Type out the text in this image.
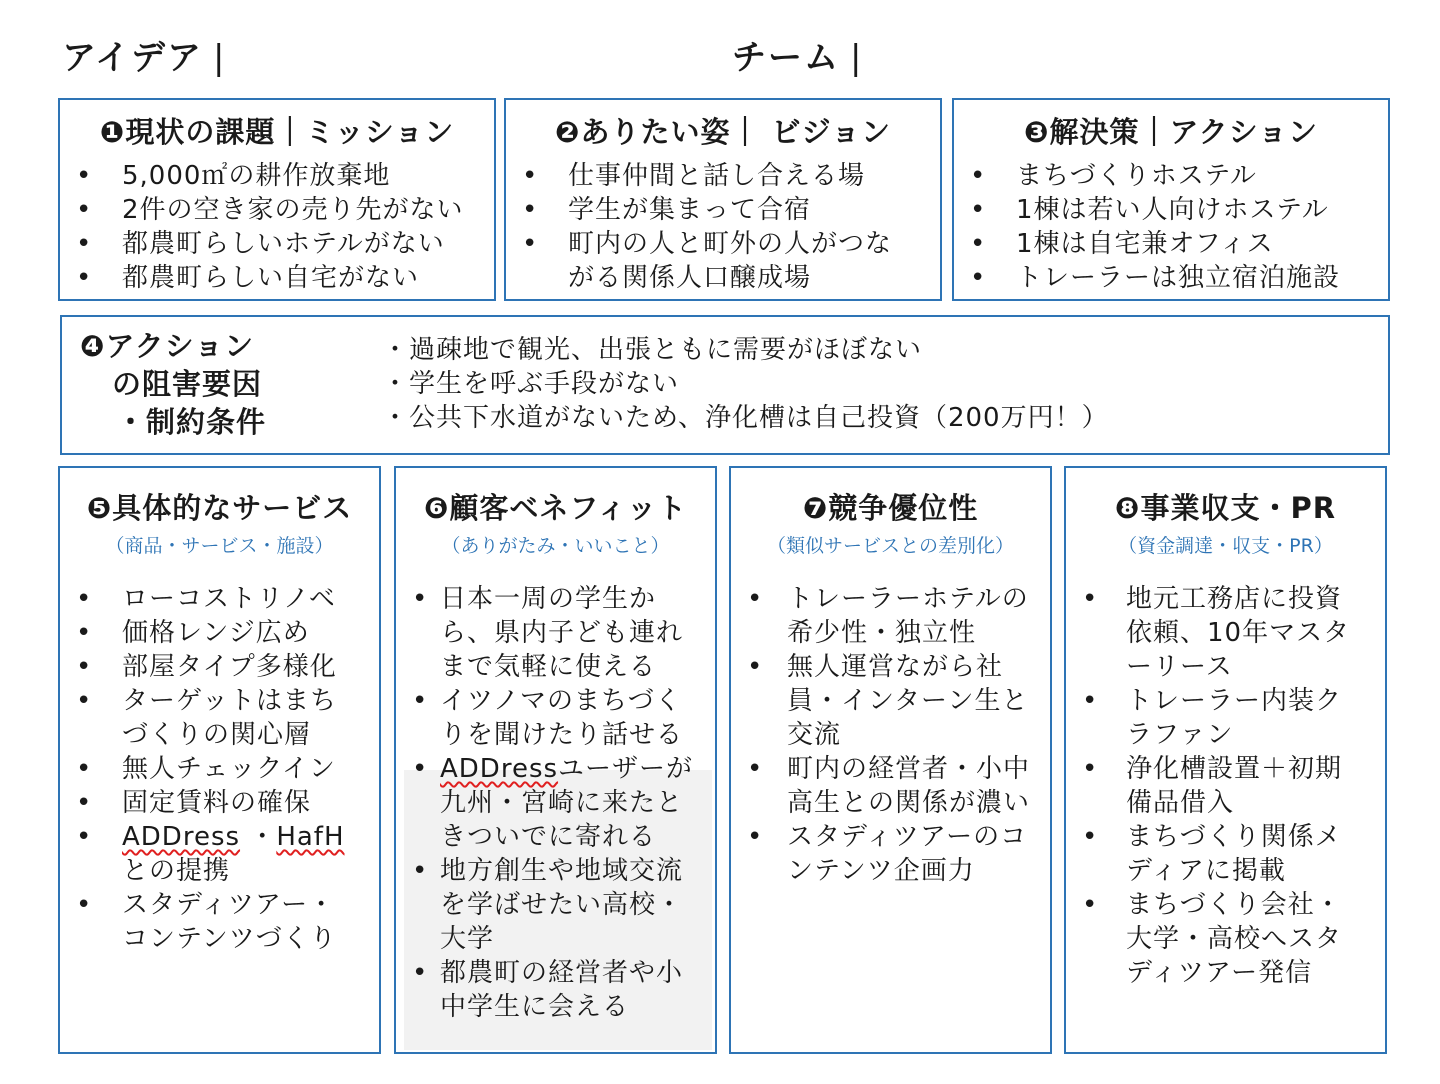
アイデア |	チーム |
❶現状の課題｜ミッション
• 5,000㎡の耕作放棄地
• 2件の空き家の売り先がない
• 都農町らしいホテルがない
• 都農町らしい自宅がない
❷ありたい姿｜ ビジョン
• 仕事仲間と話し合える場
• 学生が集まって合宿
• 町内の人と町外の人がつながる関係人口醸成場
❸解決策｜アクション
• まちづくりホステル
• 1棟は若い人向けホステル
• 1棟は自宅兼オフィス
• トレーラーは独立宿泊施設
❹アクション
の阻害要因
・制約条件
・ 過疎地で観光、出張ともに需要がほぼない
・ 学生を呼ぶ手段がない
・ 公共下水道がないため、浄化槽は自己投資（200万円！）
❺具体的なサービス
（商品・サービス・施設）
• ローコストリノベ
• 価格レンジ広め
• 部屋タイプ多様化
• ターゲットはまちづくりの関心層
• 無人チェックイン
• 固定賃料の確保
• ADDress ・HafHとの提携
• スタディツアー・コンテンツづくり
❻顧客ベネフィット
（ありがたみ・いいこと）
• 日本一周の学生から、県内子ども連れまで気軽に使える
• イツノマのまちづくりを聞けたり話せる
• ADDressユーザーが九州・宮崎に来たときついでに寄れる
• 地方創生や地域交流を学ばせたい高校・大学
• 都農町の経営者や小中学生に会える
❼競争優位性
（類似サービスとの差別化）
• トレーラーホテルの希少性・独立性
• 無人運営ながら社員・インターン生と交流
• 町内の経営者・小中高生との関係が濃い
• スタディツアーのコンテンツ企画力
❽事業収支・PR
（資金調達・収支・PR）
• 地元工務店に投資依頼、10年マスターリース
• トレーラー内装クラファン
• 浄化槽設置＋初期備品借入
• まちづくり関係メディアに掲載
• まちづくり会社・大学・高校へスタディツアー発信
